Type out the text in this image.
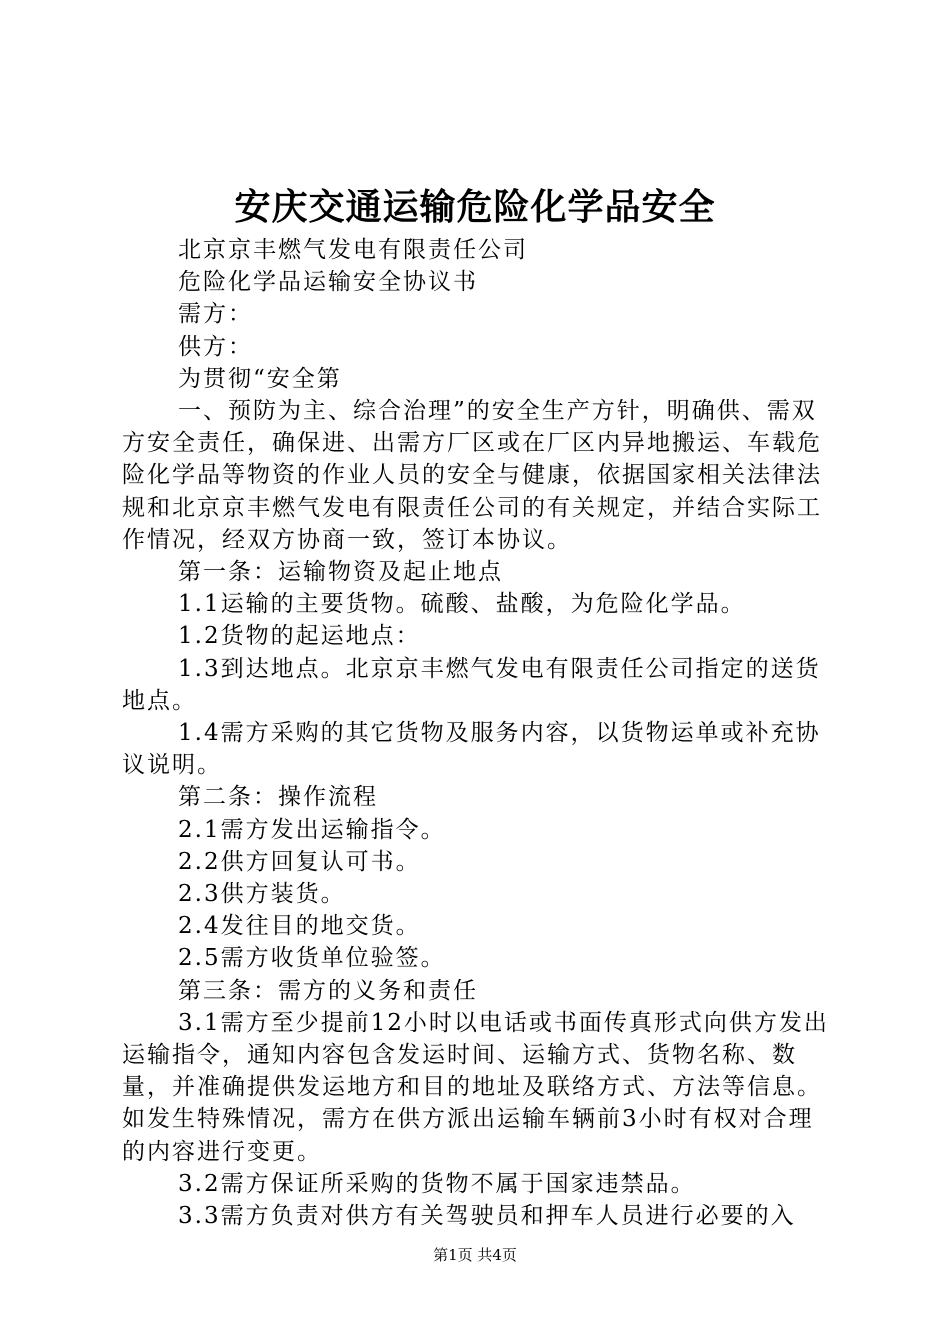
安庆交通运输危险化学品安全

北京京丰燃气发电有限责任公司

危险化学品运输安全协议书

需方：

供方：

为贯彻“安全第

一、预防为主、综合治理”的安全生产方针，明确供、需双方安全责任，确保进、出需方厂区或在厂区内异地搬运、车载危险化学品等物资的作业人员的安全与健康，依据国家相关法律法规和北京京丰燃气发电有限责任公司的有关规定，并结合实际工作情况，经双方协商一致，签订本协议。

第一条：运输物资及起止地点

1.1运输的主要货物。硫酸、盐酸，为危险化学品。

1.2货物的起运地点：

1.3到达地点。北京京丰燃气发电有限责任公司指定的送货地点。

1.4需方采购的其它货物及服务内容，以货物运单或补充协议说明。

第二条：操作流程

2.1需方发出运输指令。

2.2供方回复认可书。

2.3供方装货。

2.4发往目的地交货。

2.5需方收货单位验签。

第三条：需方的义务和责任

3.1需方至少提前12小时以电话或书面传真形式向供方发出运输指令，通知内容包含发运时间、运输方式、货物名称、数量，并准确提供发运地方和目的地址及联络方式、方法等信息。如发生特殊情况，需方在供方派出运输车辆前3小时有权对合理的内容进行变更。

3.2需方保证所采购的货物不属于国家违禁品。

3.3需方负责对供方有关驾驶员和押车人员进行必要的入

第1页 共4页
